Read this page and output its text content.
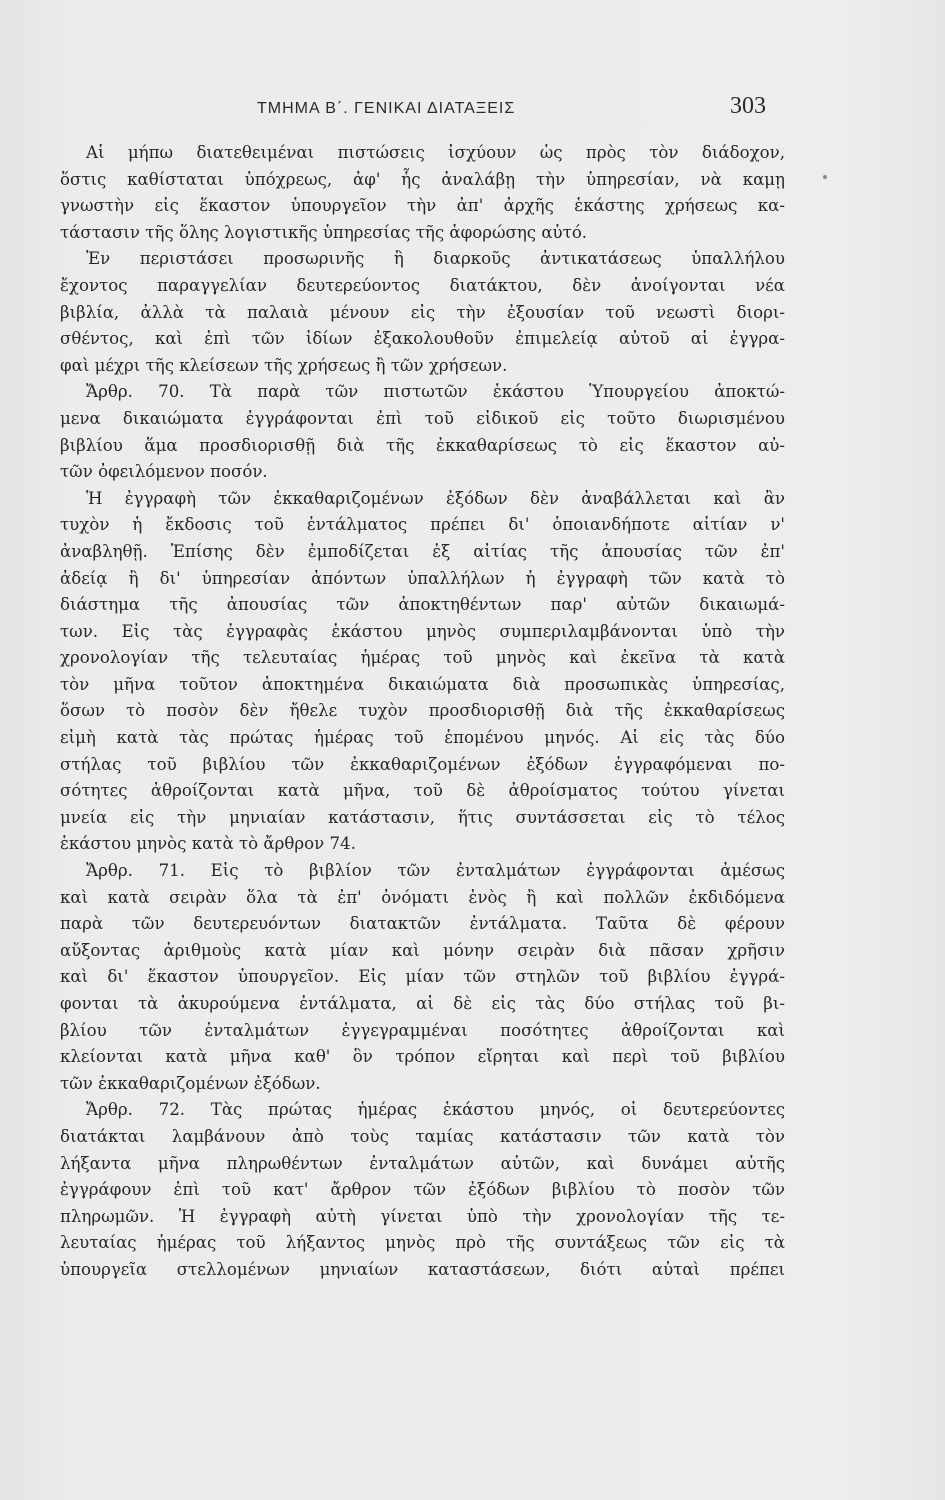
ΤΜΗΜΑ Β΄. ΓΕΝΙΚΑΙ ΔΙΑΤΑΞΕΙΣ	303
Αἱ μήπω διατεθειμέναι πιστώσεις ἰσχύουν ὡς πρὸς τὸν διάδοχον,
ὅστις καθίσταται ὑπόχρεως, ἀφ' ἧς ἀναλάβῃ τὴν ὑπηρεσίαν, νὰ καμῃ
γνωστὴν εἰς ἕκαστον ὑπουργεῖον τὴν ἀπ' ἀρχῆς ἑκάστης χρήσεως κα-
τάστασιν τῆς ὅλης λογιστικῆς ὑπηρεσίας τῆς ἀφορώσης αὐτό.
Ἐν περιστάσει προσωρινῆς ἢ διαρκοῦς ἀντικατάσεως ὑπαλλήλου
ἔχοντος παραγγελίαν δευτερεύοντος διατάκτου, δὲν ἀνοίγονται νέα
βιβλία, ἀλλὰ τὰ παλαιὰ μένουν εἰς τὴν ἐξουσίαν τοῦ νεωστὶ διορι-
σθέντος, καὶ ἐπὶ τῶν ἰδίων ἐξακολουθοῦν ἐπιμελείᾳ αὐτοῦ αἱ ἐγγρα-
φαὶ μέχρι τῆς κλείσεων τῆς χρήσεως ἢ τῶν χρήσεων.
Ἄρθρ. 70. Τὰ παρὰ τῶν πιστωτῶν ἑκάστου Ὑπουργείου ἀποκτώ-
μενα δικαιώματα ἐγγράφονται ἐπὶ τοῦ εἰδικοῦ εἰς τοῦτο διωρισμένου
βιβλίου ἅμα προσδιορισθῇ διὰ τῆς ἐκκαθαρίσεως τὸ εἰς ἕκαστον αὐ-
τῶν ὀφειλόμενον ποσόν.
Ἡ ἐγγραφὴ τῶν ἐκκαθαριζομένων ἐξόδων δὲν ἀναβάλλεται καὶ ἂν
τυχὸν ἡ ἔκδοσις τοῦ ἐντάλματος πρέπει δι' ὁποιανδήποτε αἰτίαν ν'
ἀναβληθῇ. Ἐπίσης δὲν ἐμποδίζεται ἐξ αἰτίας τῆς ἀπουσίας τῶν ἐπ'
ἀδείᾳ ἢ δι' ὑπηρεσίαν ἀπόντων ὑπαλλήλων ἡ ἐγγραφὴ τῶν κατὰ τὸ
διάστημα τῆς ἀπουσίας τῶν ἀποκτηθέντων παρ' αὐτῶν δικαιωμά-
των. Εἰς τὰς ἐγγραφὰς ἑκάστου μηνὸς συμπεριλαμβάνονται ὑπὸ τὴν
χρονολογίαν τῆς τελευταίας ἡμέρας τοῦ μηνὸς καὶ ἐκεῖνα τὰ κατὰ
τὸν μῆνα τοῦτον ἀποκτημένα δικαιώματα διὰ προσωπικὰς ὑπηρεσίας,
ὅσων τὸ ποσὸν δὲν ἤθελε τυχὸν προσδιορισθῇ διὰ τῆς ἐκκαθαρίσεως
εἰμὴ κατὰ τὰς πρώτας ἡμέρας τοῦ ἑπομένου μηνός. Αἱ εἰς τὰς δύο
στήλας τοῦ βιβλίου τῶν ἐκκαθαριζομένων ἐξόδων ἐγγραφόμεναι πο-
σότητες ἀθροίζονται κατὰ μῆνα, τοῦ δὲ ἀθροίσματος τούτου γίνεται
μνεία εἰς τὴν μηνιαίαν κατάστασιν, ἥτις συντάσσεται εἰς τὸ τέλος
ἑκάστου μηνὸς κατὰ τὸ ἄρθρον 74.
Ἄρθρ. 71. Εἰς τὸ βιβλίον τῶν ἐνταλμάτων ἐγγράφονται ἀμέσως
καὶ κατὰ σειρὰν ὅλα τὰ ἐπ' ὀνόματι ἑνὸς ἢ καὶ πολλῶν ἐκδιδόμενα
παρὰ τῶν δευτερευόντων διατακτῶν ἐντάλματα. Ταῦτα δὲ φέρουν
αὔξοντας ἀριθμοὺς κατὰ μίαν καὶ μόνην σειρὰν διὰ πᾶσαν χρῆσιν
καὶ δι' ἕκαστον ὑπουργεῖον. Εἰς μίαν τῶν στηλῶν τοῦ βιβλίου ἐγγρά-
φονται τὰ ἀκυρούμενα ἐντάλματα, αἱ δὲ εἰς τὰς δύο στήλας τοῦ βι-
βλίου τῶν ἐνταλμάτων ἐγγεγραμμέναι ποσότητες ἀθροίζονται καὶ
κλείονται κατὰ μῆνα καθ' ὃν τρόπον εἴρηται καὶ περὶ τοῦ βιβλίου
τῶν ἐκκαθαριζομένων ἐξόδων.
Ἄρθρ. 72. Τὰς πρώτας ἡμέρας ἑκάστου μηνός, οἱ δευτερεύοντες
διατάκται λαμβάνουν ἀπὸ τοὺς ταμίας κατάστασιν τῶν κατὰ τὸν
λήξαντα μῆνα πληρωθέντων ἐνταλμάτων αὐτῶν, καὶ δυνάμει αὐτῆς
ἐγγράφουν ἐπὶ τοῦ κατ' ἄρθρον τῶν ἐξόδων βιβλίου τὸ ποσὸν τῶν
πληρωμῶν. Ἡ ἐγγραφὴ αὐτὴ γίνεται ὑπὸ τὴν χρονολογίαν τῆς τε-
λευταίας ἡμέρας τοῦ λήξαντος μηνὸς πρὸ τῆς συντάξεως τῶν εἰς τὰ
ὑπουργεῖα στελλομένων μηνιαίων καταστάσεων, διότι αὐταὶ πρέπει
